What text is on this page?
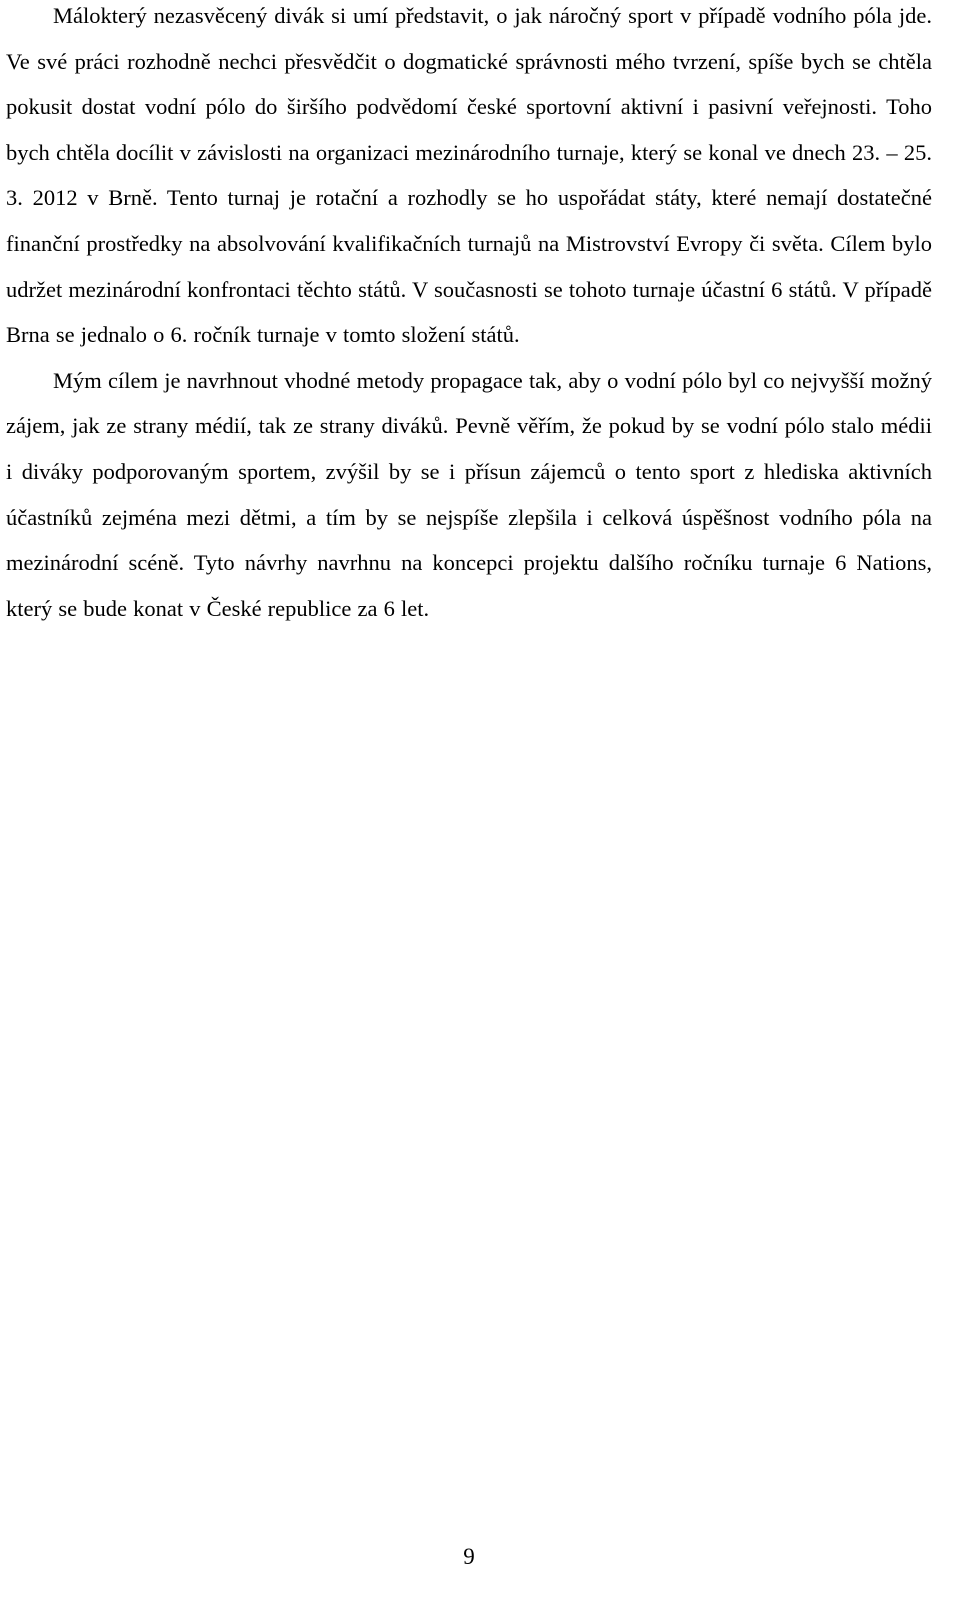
Málokterý nezasvěcený divák si umí představit, o jak náročný sport v případě vodního póla jde. Ve své práci rozhodně nechci přesvědčit o dogmatické správnosti mého tvrzení, spíše bych se chtěla pokusit dostat vodní pólo do širšího podvědomí české sportovní aktivní i pasivní veřejnosti. Toho bych chtěla docílit v závislosti na organizaci mezinárodního turnaje, který se konal ve dnech 23. – 25. 3. 2012 v Brně. Tento turnaj je rotační a rozhodly se ho uspořádat státy, které nemají dostatečné finanční prostředky na absolvování kvalifikačních turnajů na Mistrovství Evropy či světa. Cílem bylo udržet mezinárodní konfrontaci těchto států. V současnosti se tohoto turnaje účastní 6 států. V případě Brna se jednalo o 6. ročník turnaje v tomto složení států.

Mým cílem je navrhnout vhodné metody propagace tak, aby o vodní pólo byl co nejvyšší možný zájem, jak ze strany médií, tak ze strany diváků. Pevně věřím, že pokud by se vodní pólo stalo médii i diváky podporovaným sportem, zvýšil by se i přísun zájemců o tento sport z hlediska aktivních účastníků zejména mezi dětmi, a tím by se nejspíše zlepšila i celková úspěšnost vodního póla na mezinárodní scéně. Tyto návrhy navrhnu na koncepci projektu dalšího ročníku turnaje 6 Nations, který se bude konat v České republice za 6 let.

9
